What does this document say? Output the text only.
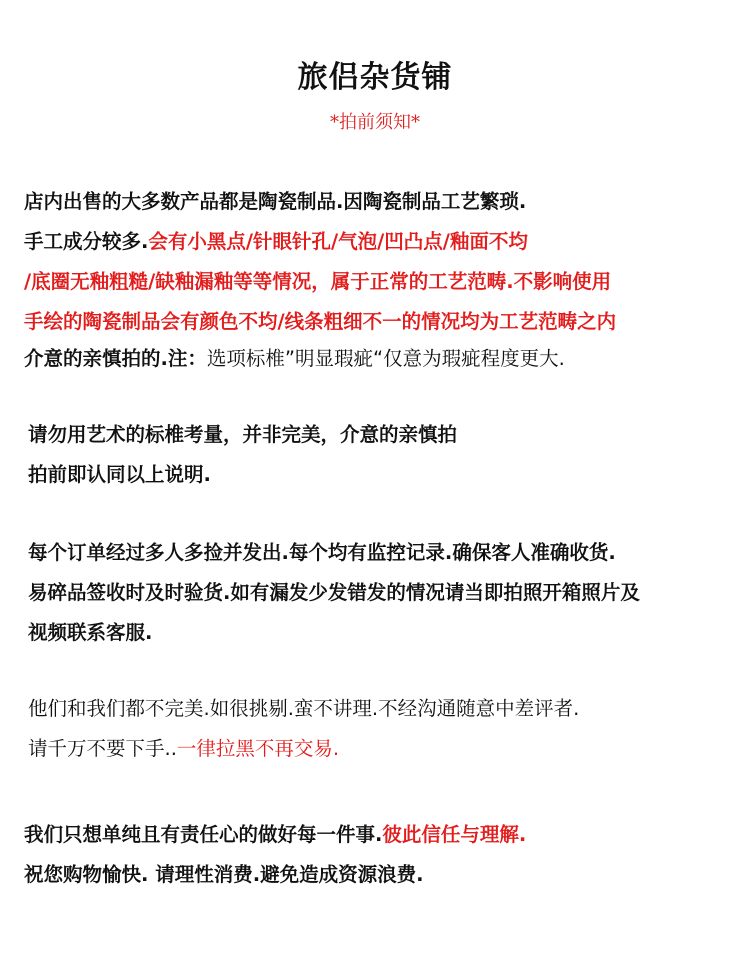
旅侣杂货铺
*拍前须知*
店内出售的大多数产品都是陶瓷制品.因陶瓷制品工艺繁琐.
手工成分较多.会有小黑点/针眼针孔/气泡/凹凸点/釉面不均
/底圈无釉粗糙/缺釉漏釉等等情况，属于正常的工艺范畴.不影响使用
手绘的陶瓷制品会有颜色不均/线条粗细不一的情况均为工艺范畴之内
介意的亲慎拍的.注：选项标椎”明显瑕疵“仅意为瑕疵程度更大.
请勿用艺术的标椎考量，并非完美，介意的亲慎拍
拍前即认同以上说明.
每个订单经过多人多捡并发出.每个均有监控记录.确保客人准确收货.
易碎品签收时及时验货.如有漏发少发错发的情况请当即拍照开箱照片及
视频联系客服.
他们和我们都不完美.如很挑剔.蛮不讲理.不经沟通随意中差评者.
请千万不要下手..一律拉黑不再交易.
我们只想单纯且有责任心的做好每一件事.彼此信任与理解.
祝您购物愉快. 请理性消费.避免造成资源浪费.
